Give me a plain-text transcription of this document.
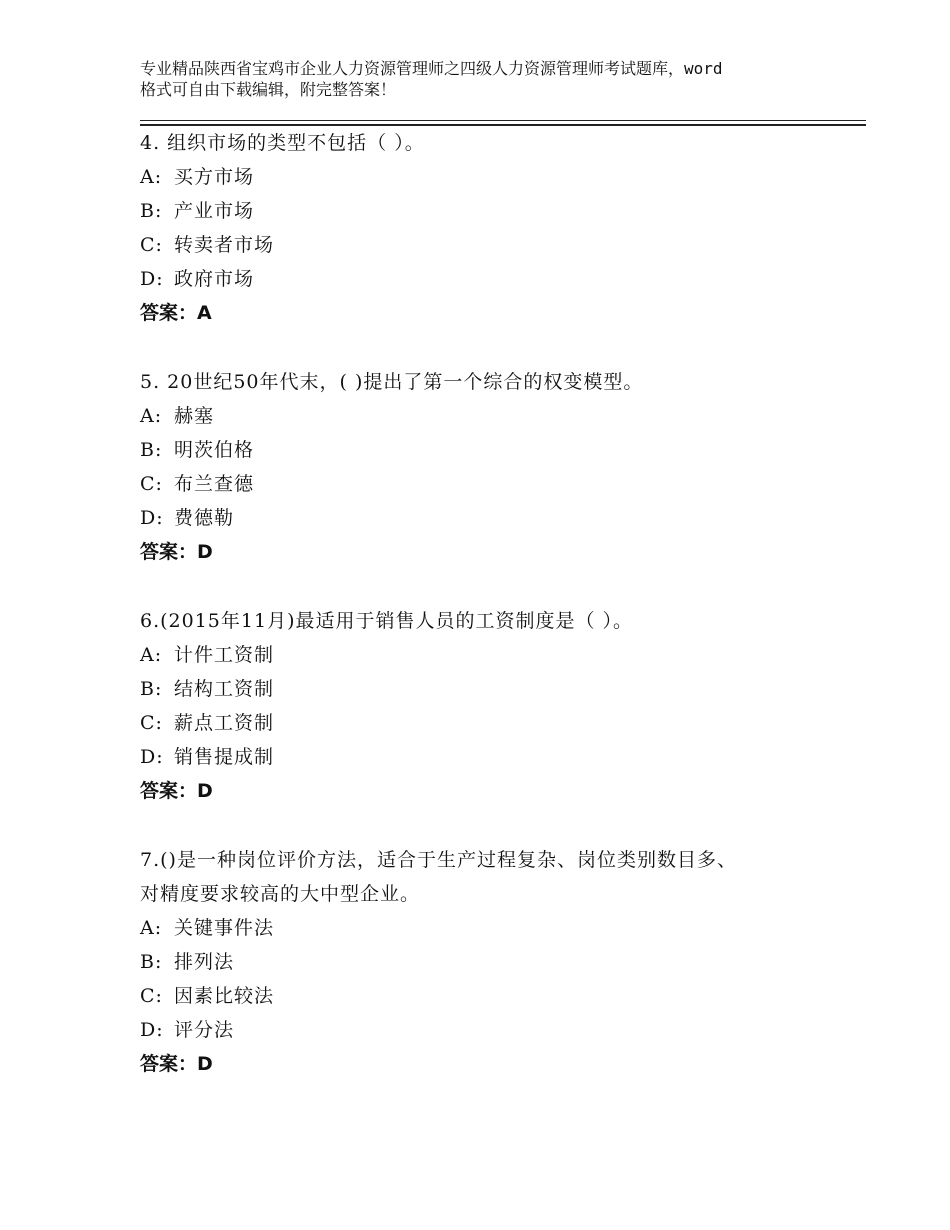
专业精品陕西省宝鸡市企业人力资源管理师之四级人力资源管理师考试题库，word
格式可自由下载编辑，附完整答案！
4. 组织市场的类型不包括（ ）。
A: 买方市场
B: 产业市场
C: 转卖者市场
D: 政府市场
答案：A
5. 20世纪50年代末，( )提出了第一个综合的权变模型。
A: 赫塞
B: 明茨伯格
C: 布兰查德
D: 费德勒
答案：D
6.(2015年11月)最适用于销售人员的工资制度是（ ）。
A: 计件工资制
B: 结构工资制
C: 薪点工资制
D: 销售提成制
答案：D
7.()是一种岗位评价方法，适合于生产过程复杂、岗位类别数目多、
对精度要求较高的大中型企业。
A: 关键事件法
B: 排列法
C: 因素比较法
D: 评分法
答案：D
